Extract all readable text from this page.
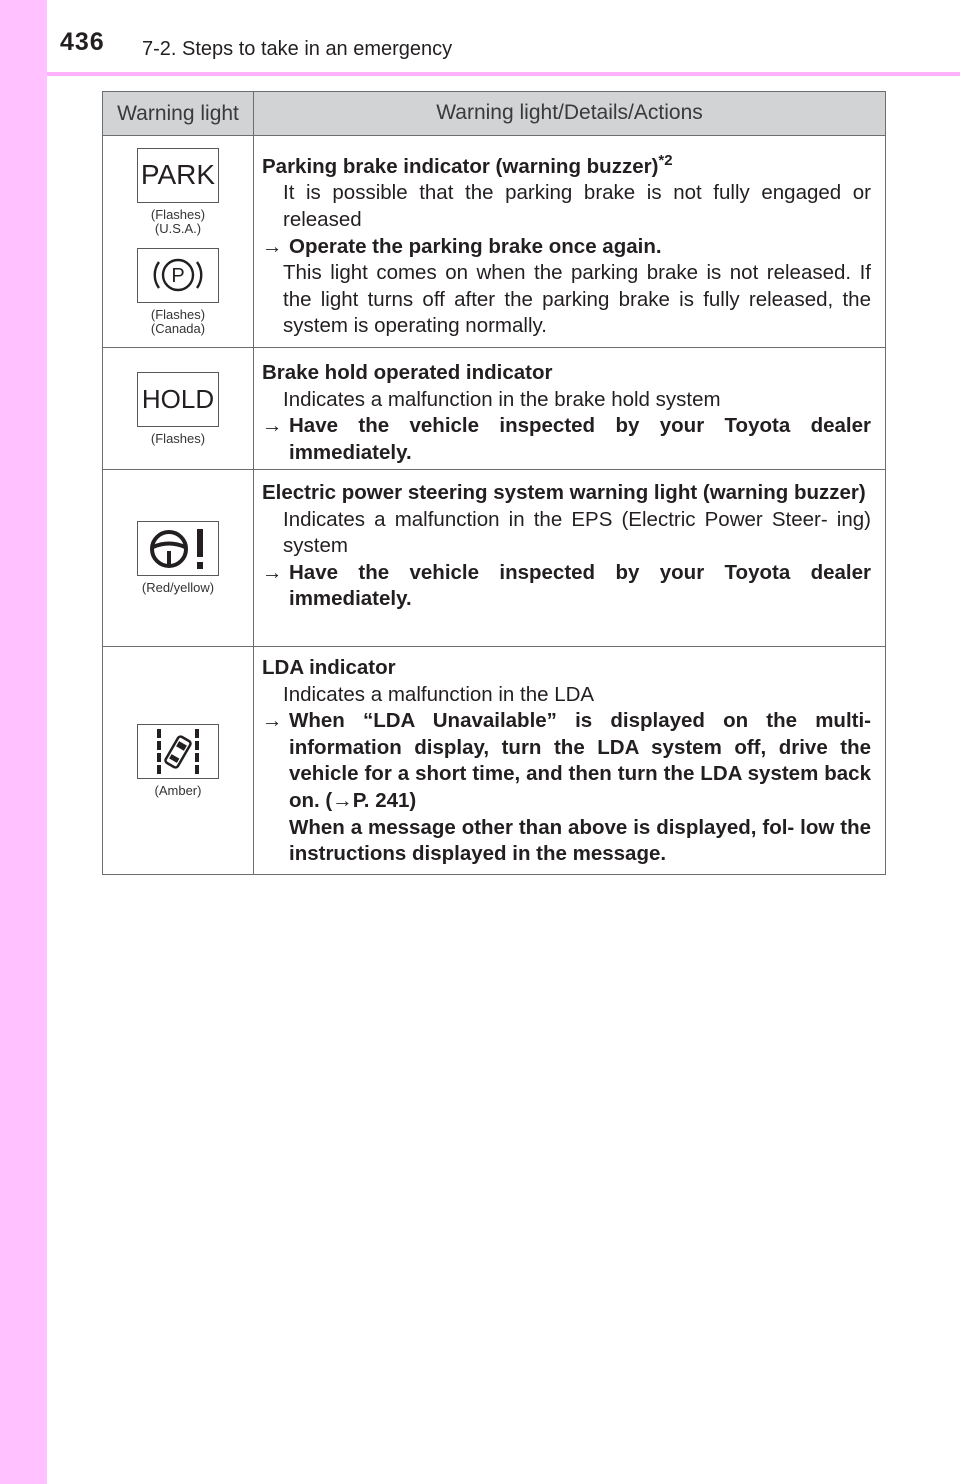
436 7-2. Steps to take in an emergency
Warning light	Warning light/Details/Actions
PARK
(Flashes)
(U.S.A.)
P
(Flashes)
(Canada)
Parking brake indicator (warning buzzer)$^{*2}$
It is possible that the parking brake is not fully engaged or released
→ Operate the parking brake once again.
This light comes on when the parking brake is not released. If the light turns off after the parking brake is fully released, the system is operating normally.
HOLD
(Flashes)
Brake hold operated indicator
Indicates a malfunction in the brake hold system
→ Have the vehicle inspected by your Toyota dealer immediately.
(Red/yellow)
Electric power steering system warning light (warning buzzer)
Indicates a malfunction in the EPS (Electric Power Steer- ing) system
→ Have the vehicle inspected by your Toyota dealer immediately.
(Amber)
LDA indicator
Indicates a malfunction in the LDA
→ When “LDA Unavailable” is displayed on the multi- information display, turn the LDA system off, drive the vehicle for a short time, and then turn the LDA system back on. (→P. 241)
When a message other than above is displayed, fol- low the instructions displayed in the message.
